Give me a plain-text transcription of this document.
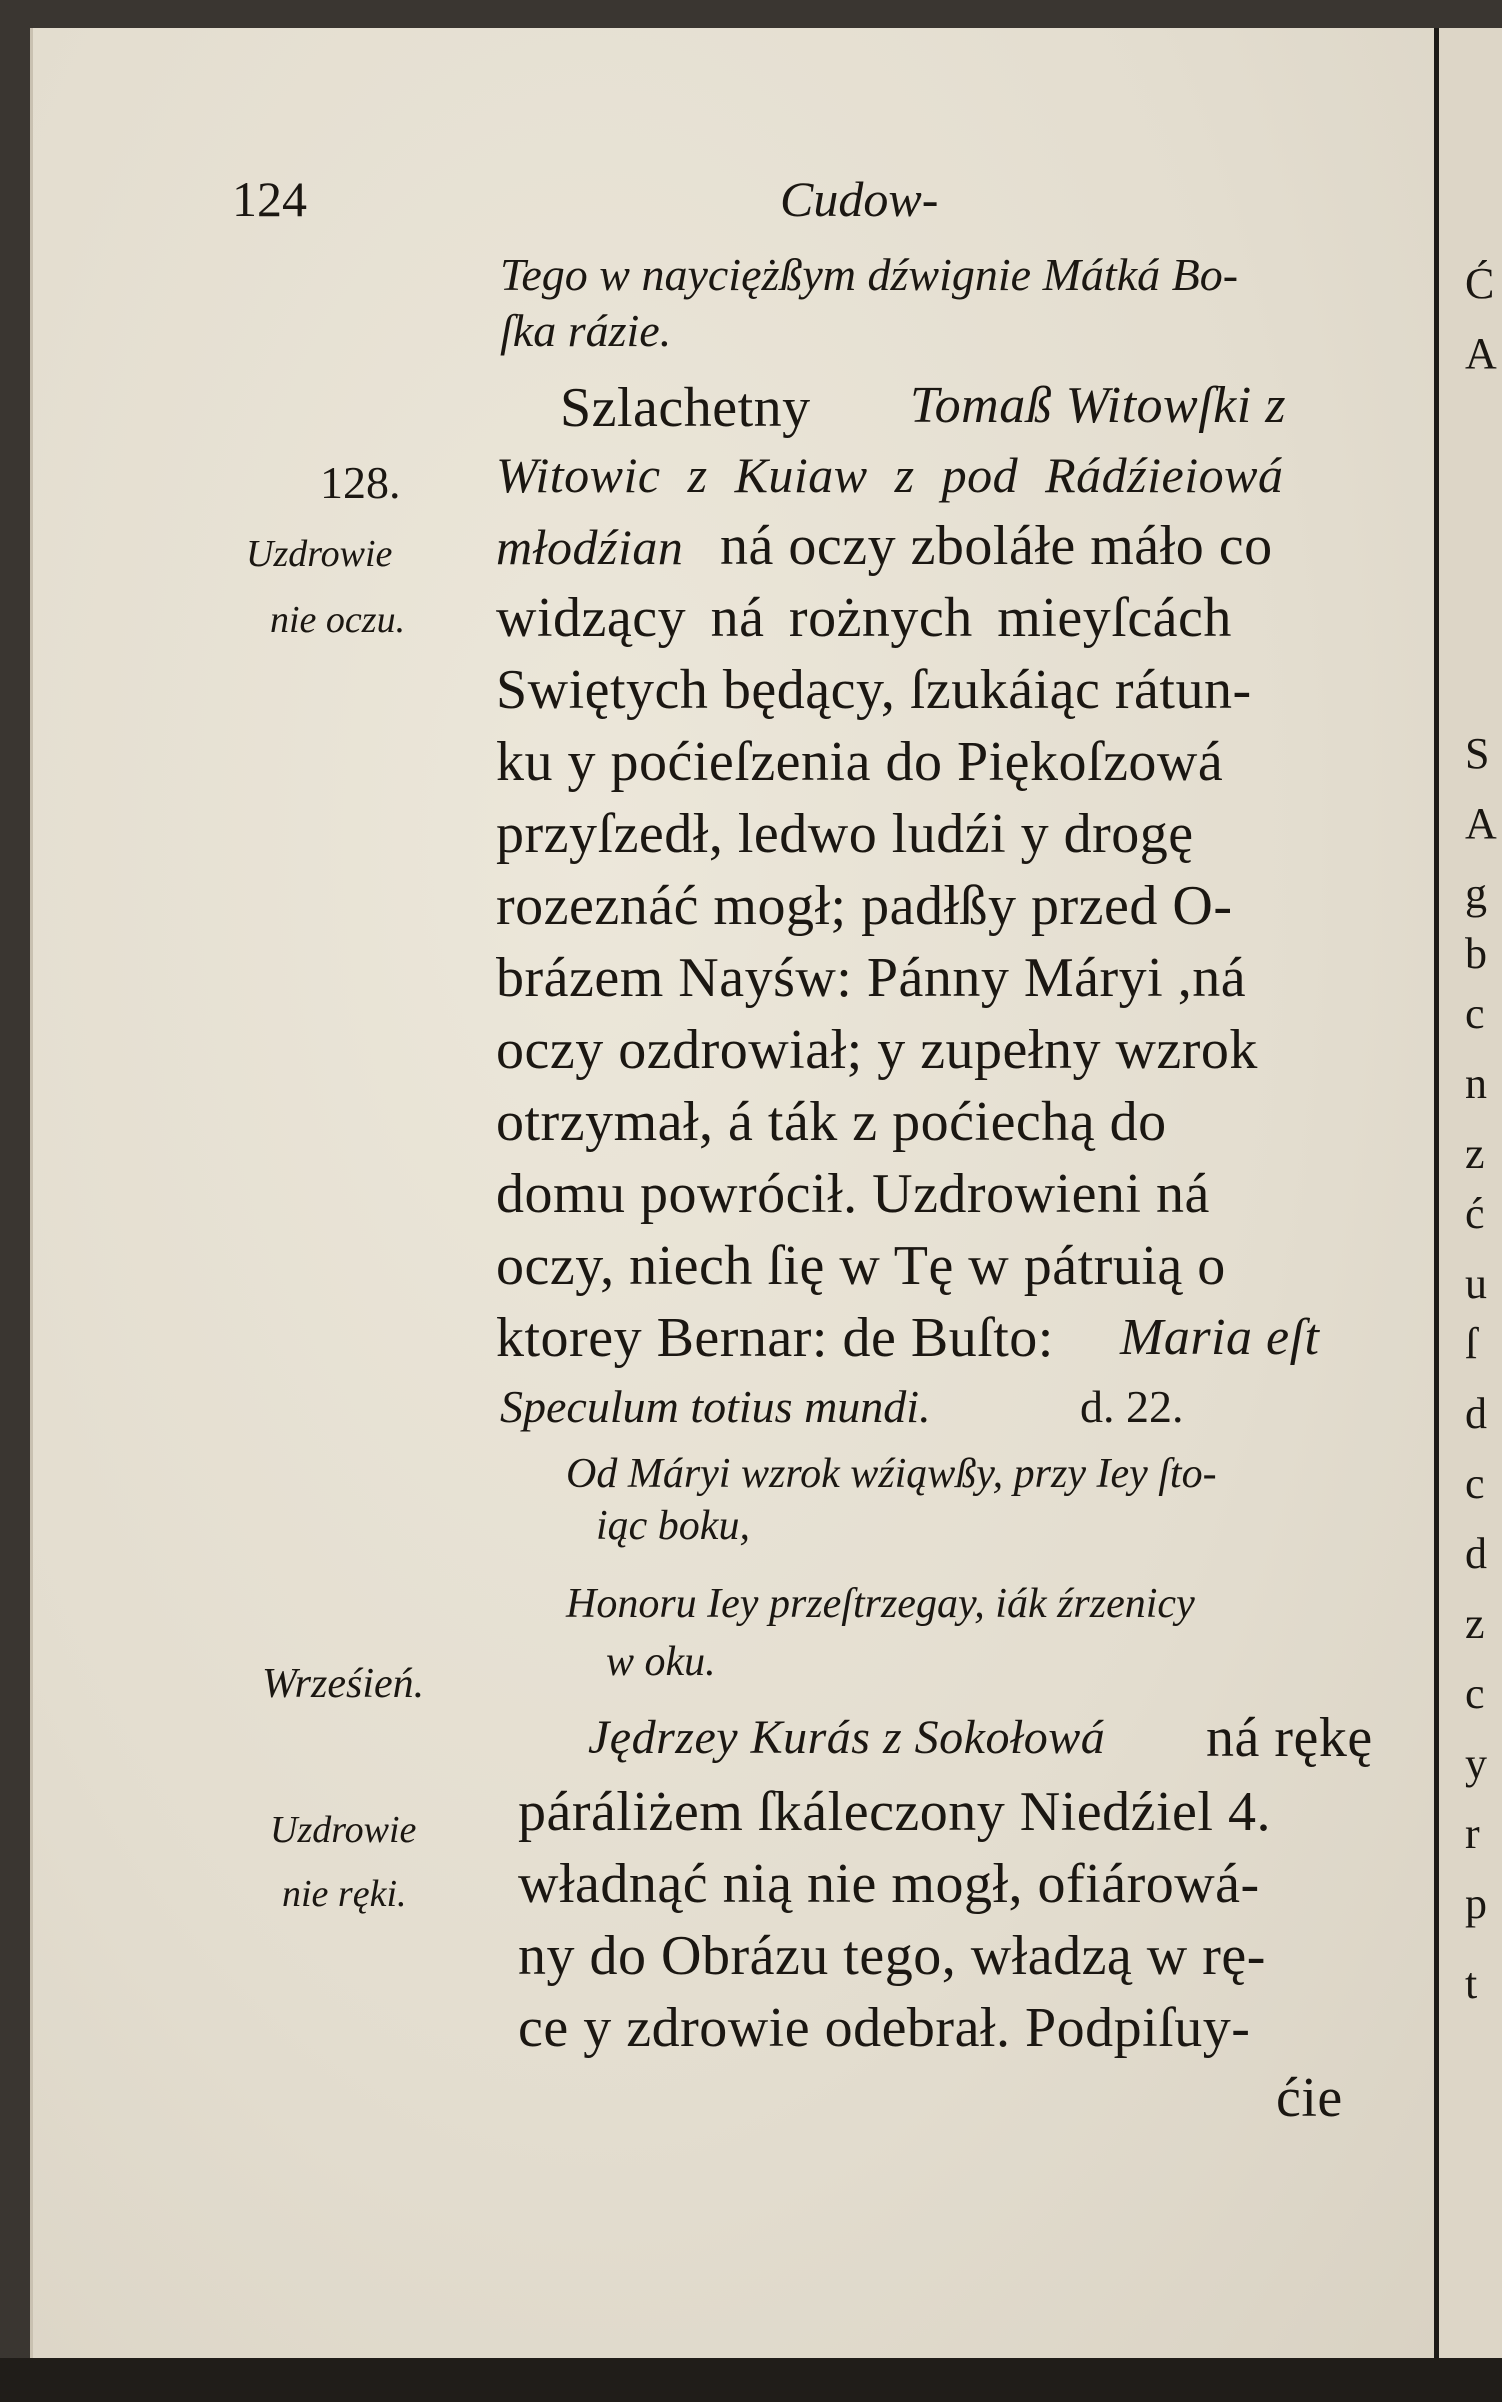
Ć
A
S
A
g
b
c
n
z
ć
u
ſ
d
c
d
z
c
y
r
p
t
124	Cudow-
128.
Uzdrowie
nie oczu.
Wrześień.
Uzdrowie
nie ręki.
Tego w nayciężßym dźwignie Mátká Bo-
ſka rázie.
Szlachetny Tomaß Witowſki z
Witowic z Kuiaw z pod Rádźieiowá
młodźian ná oczy zboláłe máło co
widzący ná rożnych mieyſcách
Swiętych będący, ſzukáiąc rátun-
ku y poćieſzenia do Piękoſzowá
przyſzedł, ledwo ludźi y drogę
rozeznáć mogł; padłßy przed O-
brázem Nayśw: Pánny Máryi ,ná
oczy ozdrowiał; y zupełny wzrok
otrzymał, á ták z poćiechą do
domu powrócił. Uzdrowieni ná
oczy, niech ſię w Tę w pátruią o
ktorey Bernar: de Buſto: Maria eſt
Speculum totius mundi.	d. 22.
Od Máryi wzrok wźiąwßy, przy Iey ſto-
iąc boku,
Honoru Iey przeſtrzegay, iák źrzenicy
w oku.
Jędrzey Kurás z Sokołowá ná rękę
páráliżem ſkáleczony Niedźiel 4.
władnąć nią nie mogł, ofiárowá-
ny do Obrázu tego, władzą w rę-
ce y zdrowie odebrał. Podpiſuy-
ćie
